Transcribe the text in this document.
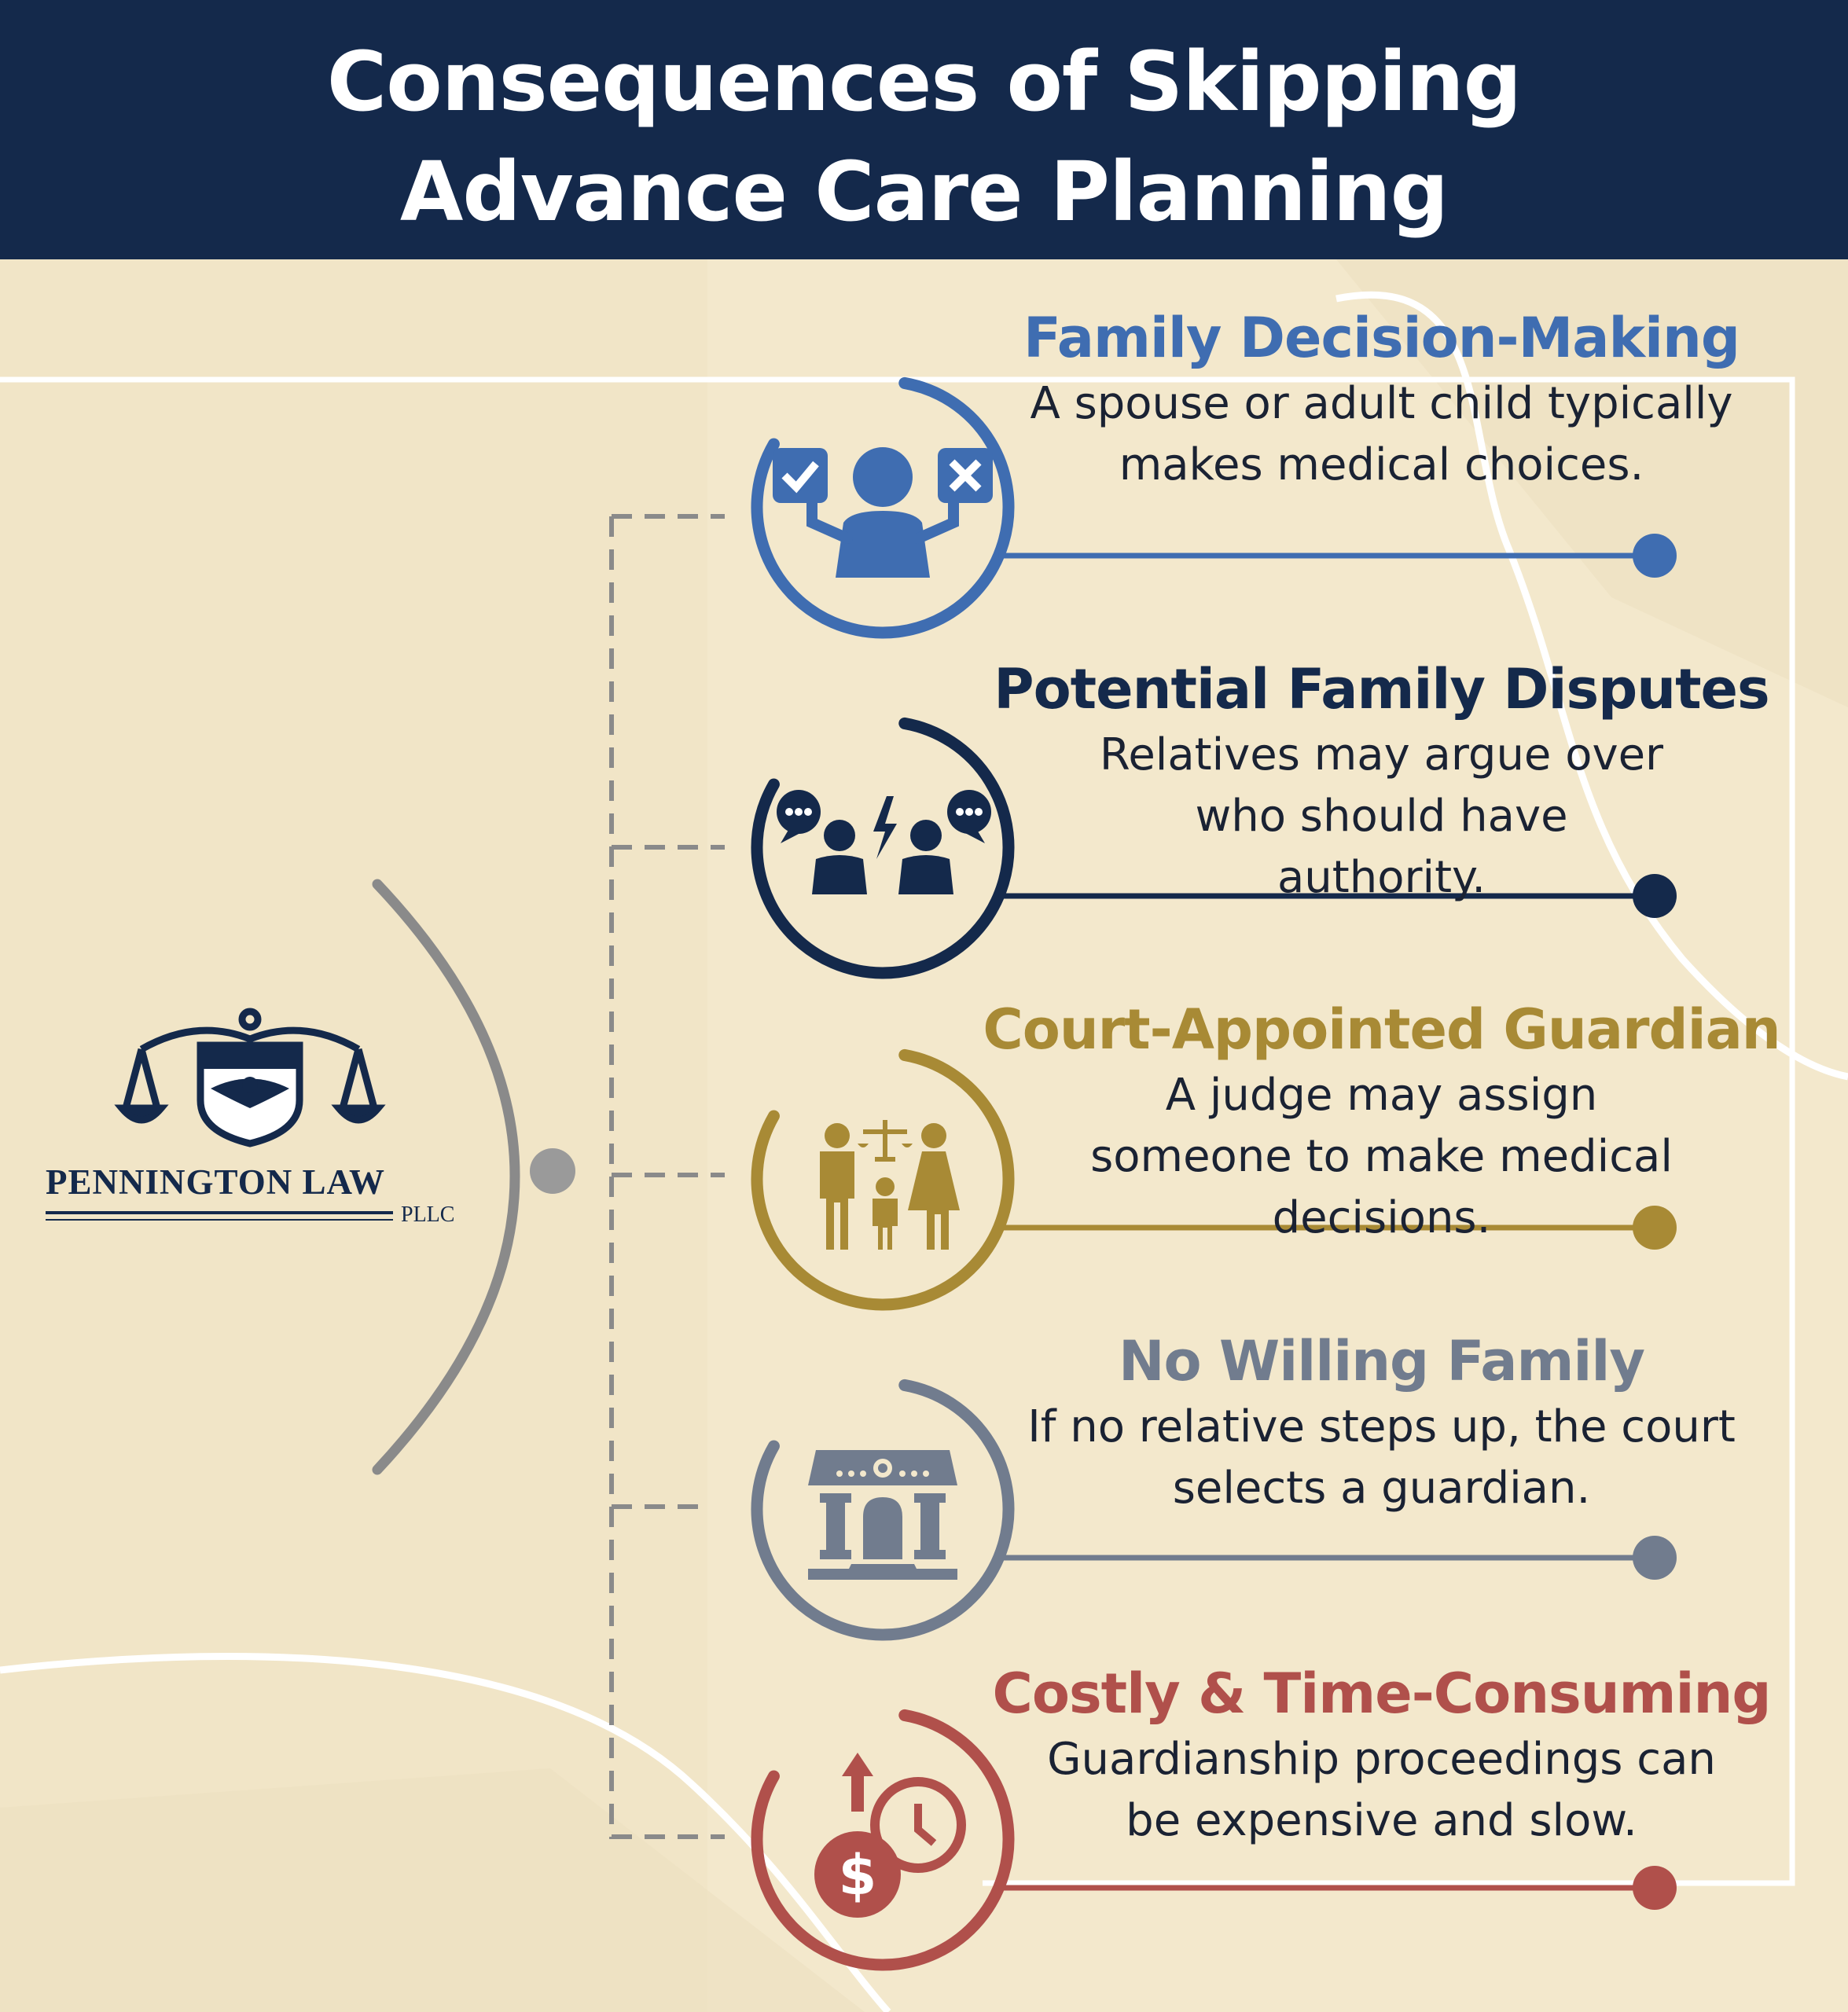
$
Consequences of Skipping
Advance Care Planning
PENNINGTON LAW
PLLC
Family Decision-Making
A spouse or adult child typically makes medical choices.
Potential Family Disputes
Relatives may argue over who should have authority.
Court-Appointed Guardian
A judge may assign someone to make medical decisions.
No Willing Family
If no relative steps up, the court selects a guardian.
Costly & Time-Consuming
Guardianship proceedings can be expensive and slow.
